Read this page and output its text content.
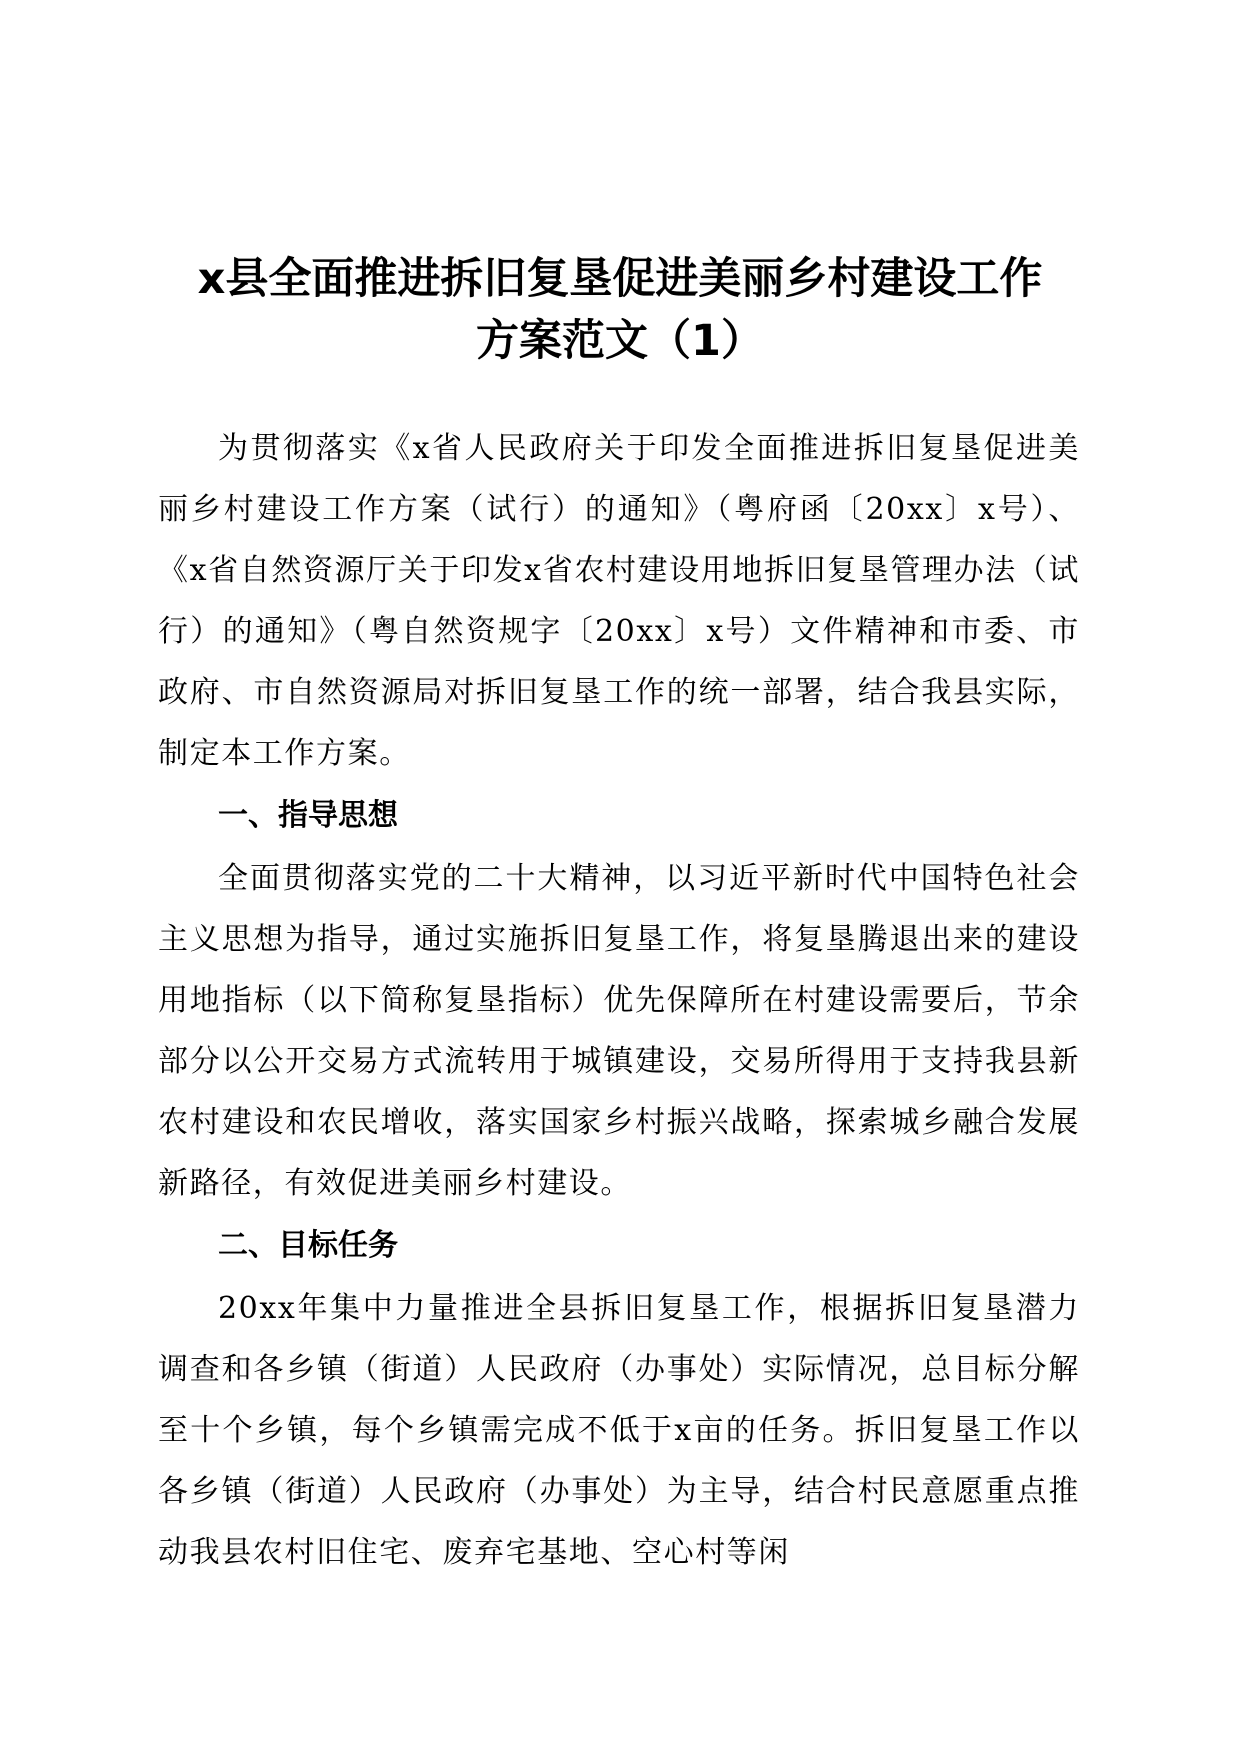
x县全面推进拆旧复垦促进美丽乡村建设工作
方案范文（1）

为贯彻落实《x省人民政府关于印发全面推进拆旧复垦促进美丽乡村建设工作方案（试行）的通知》（粤府函〔20xx〕x号）、《x省自然资源厅关于印发x省农村建设用地拆旧复垦管理办法（试行）的通知》（粤自然资规字〔20xx〕x号）文件精神和市委、市政府、市自然资源局对拆旧复垦工作的统一部署，结合我县实际，制定本工作方案。

一、指导思想

全面贯彻落实党的二十大精神，以习近平新时代中国特色社会主义思想为指导，通过实施拆旧复垦工作，将复垦腾退出来的建设用地指标（以下简称复垦指标）优先保障所在村建设需要后，节余部分以公开交易方式流转用于城镇建设，交易所得用于支持我县新农村建设和农民增收，落实国家乡村振兴战略，探索城乡融合发展新路径，有效促进美丽乡村建设。

二、目标任务

20xx年集中力量推进全县拆旧复垦工作，根据拆旧复垦潜力调查和各乡镇（街道）人民政府（办事处）实际情况，总目标分解至十个乡镇，每个乡镇需完成不低于x亩的任务。拆旧复垦工作以各乡镇（街道）人民政府（办事处）为主导，结合村民意愿重点推动我县农村旧住宅、废弃宅基地、空心村等闲
